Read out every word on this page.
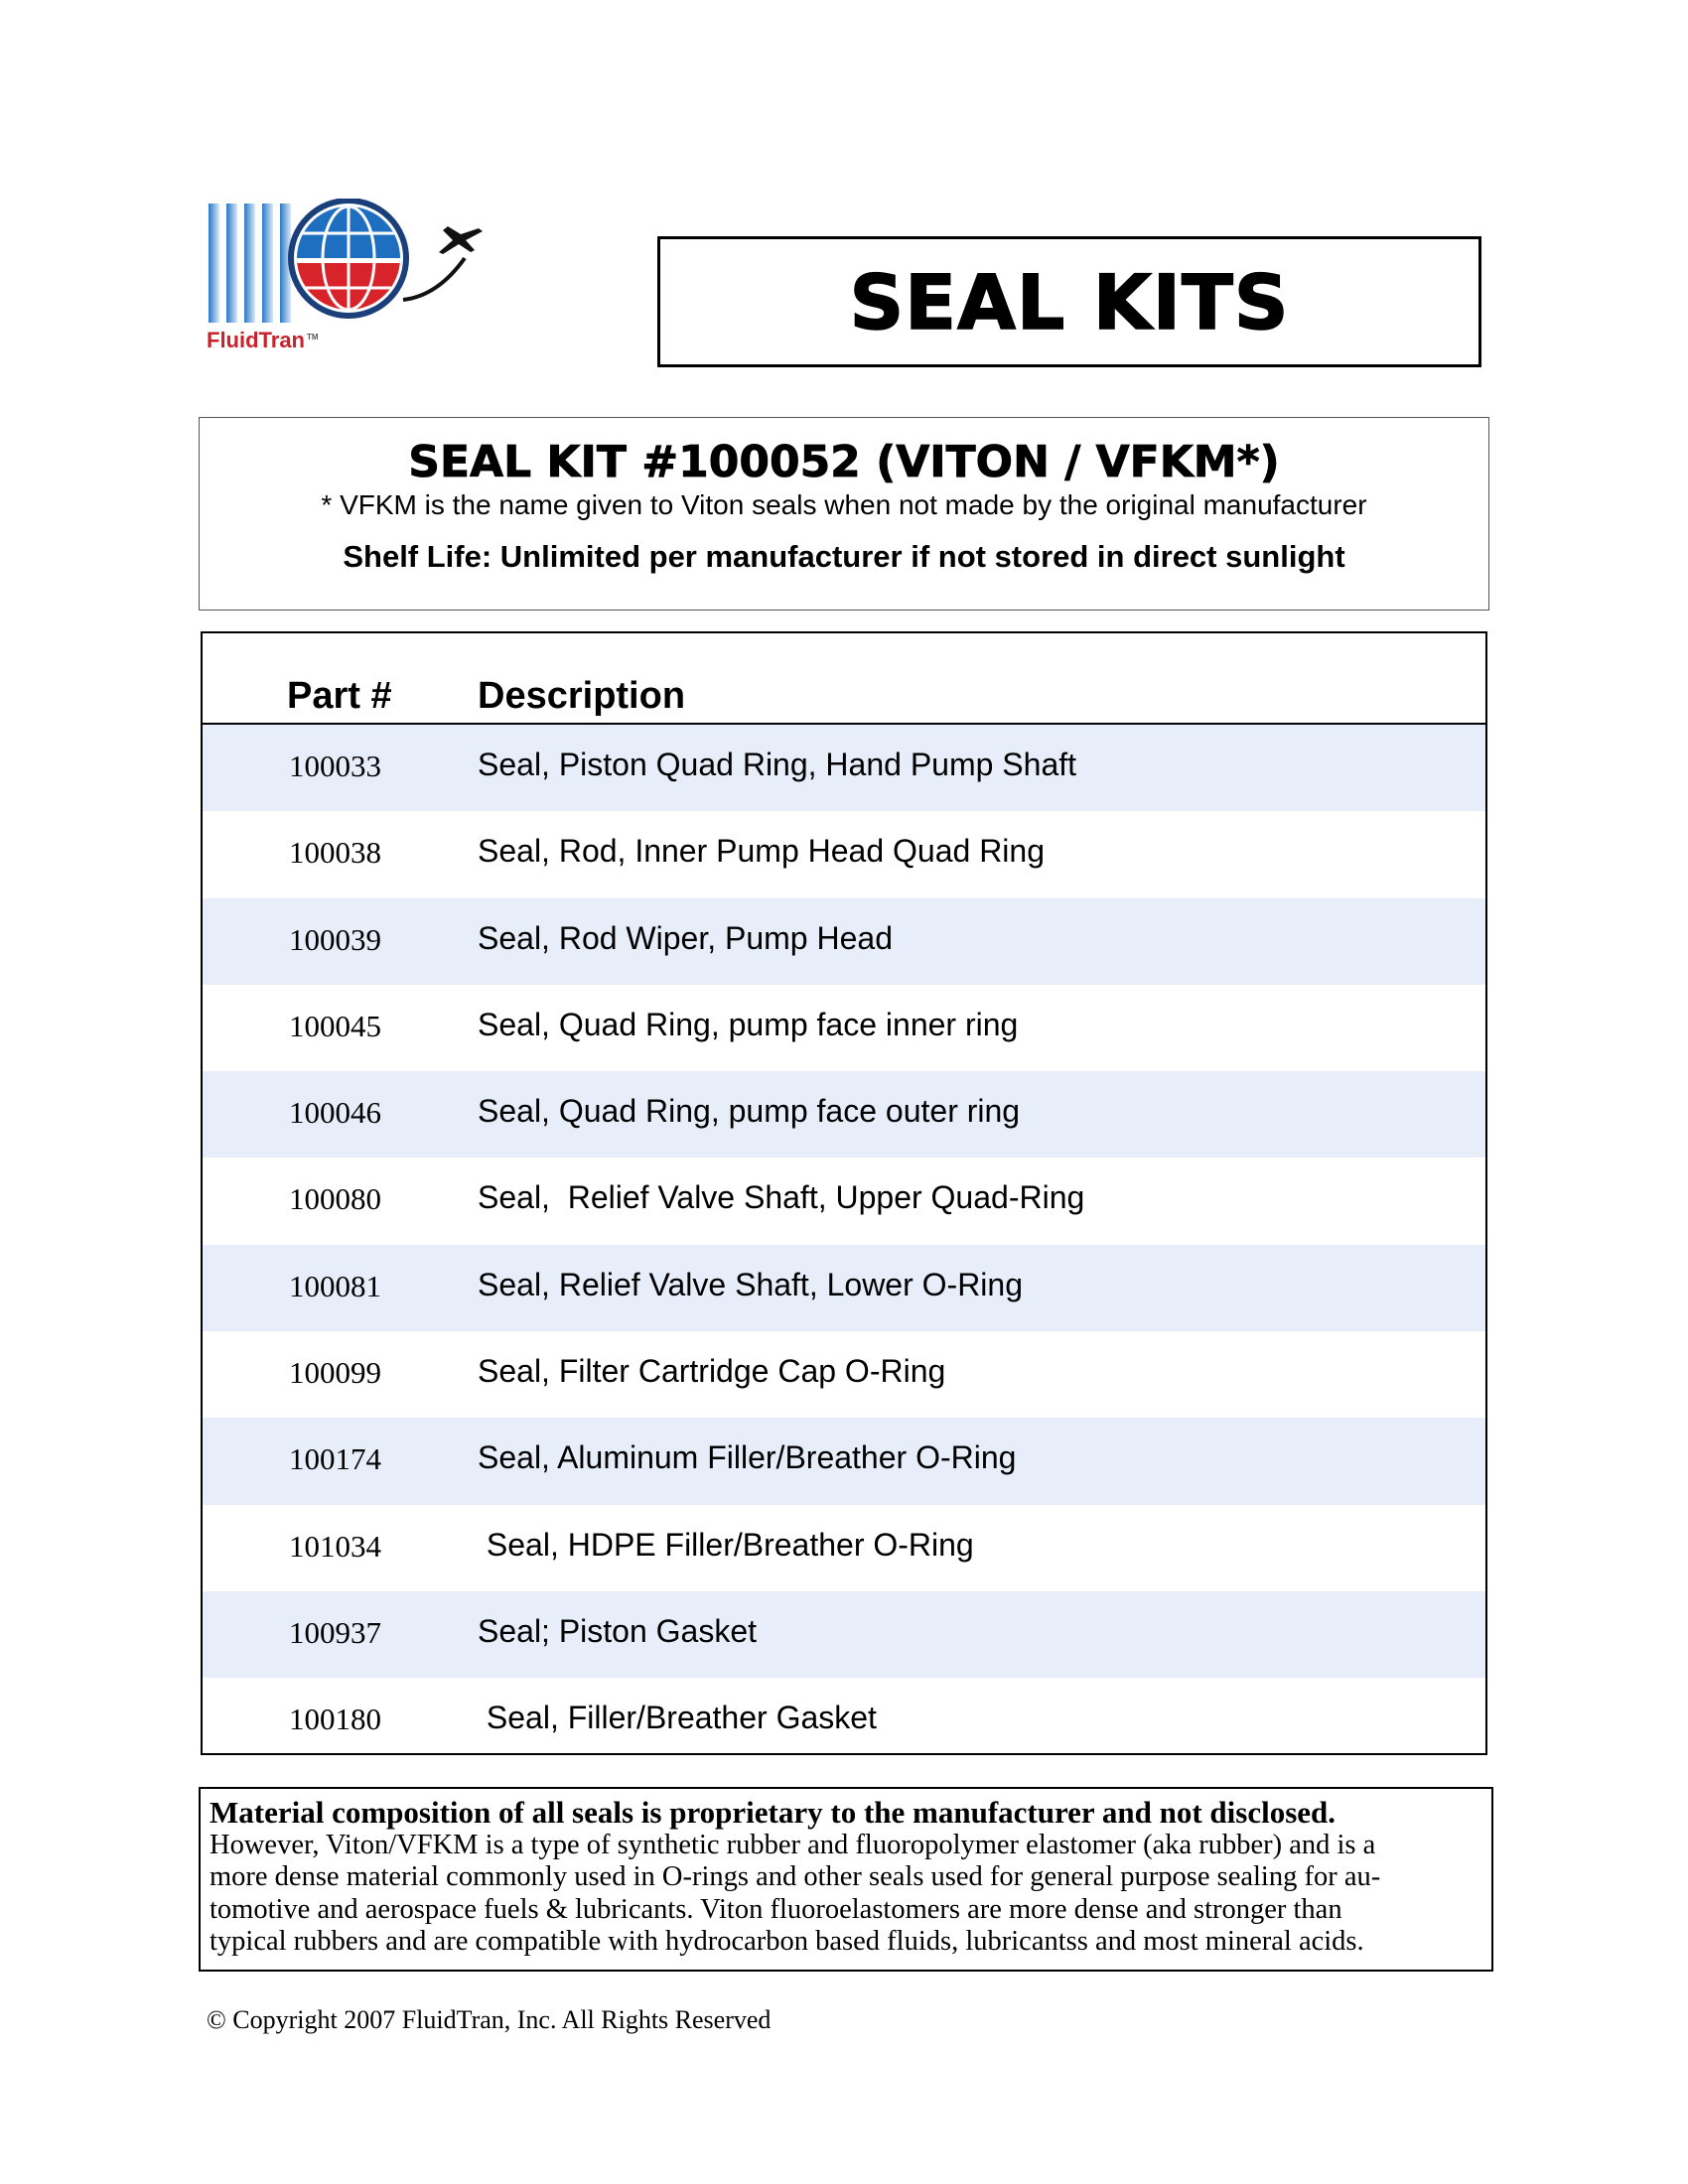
FluidTran ™	SEAL KITS
SEAL KIT #100052 (VITON / VFKM*)
* VFKM is the name given to Viton seals when not made by the original manufacturer
Shelf Life: Unlimited per manufacturer if not stored in direct sunlight
Part # Description
100033	Seal, Piston Quad Ring, Hand Pump Shaft
100038	Seal, Rod, Inner Pump Head Quad Ring
100039	Seal, Rod Wiper, Pump Head
100045	Seal, Quad Ring, pump face inner ring
100046	Seal, Quad Ring, pump face outer ring
100080	Seal,  Relief Valve Shaft, Upper Quad-Ring
100081	Seal, Relief Valve Shaft, Lower O-Ring
100099	Seal, Filter Cartridge Cap O-Ring
100174	Seal, Aluminum Filler/Breather O-Ring
101034	Seal, HDPE Filler/Breather O-Ring
100937	Seal; Piston Gasket
100180	Seal, Filler/Breather Gasket
Material composition of all seals is proprietary to the manufacturer and not disclosed.
However, Viton/VFKM is a type of synthetic rubber and fluoropolymer elastomer (aka rubber) and is a
more dense material commonly used in O-rings and other seals used for general purpose sealing for au-
tomotive and aerospace fuels & lubricants. Viton fluoroelastomers are more dense and stronger than
typical rubbers and are compatible with hydrocarbon based fluids, lubricantss and most mineral acids.
© Copyright 2007 FluidTran, Inc. All Rights Reserved
